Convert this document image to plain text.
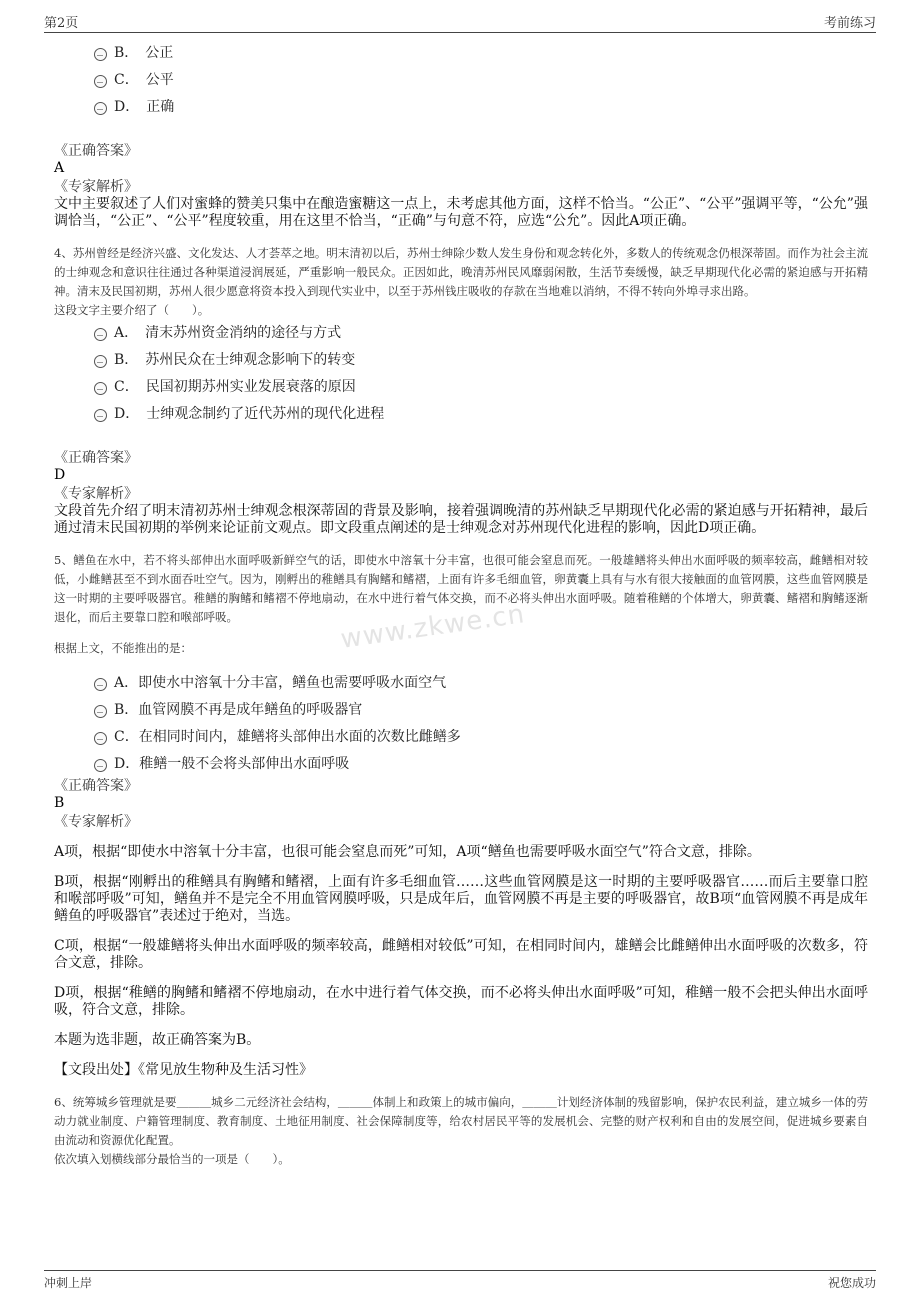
第2页	考前练习
www.zkwe.cn
B．　公正
C．　公平
D．　正确
《正确答案》
A
《专家解析》
文中主要叙述了人们对蜜蜂的赞美只集中在酿造蜜糖这一点上，未考虑其他方面，这样不恰当。“公正”、“公平”强调平等，“公允”强调恰当，“公正”、“公平”程度较重，用在这里不恰当，“正确”与句意不符，应选“公允”。因此A项正确。
4、苏州曾经是经济兴盛、文化发达、人才荟萃之地。明末清初以后，苏州士绅除少数人发生身份和观念转化外，多数人的传统观念仍根深蒂固。而作为社会主流的士绅观念和意识往往通过各种渠道浸润展延，严重影响一般民众。正因如此，晚清苏州民风靡弱闲散，生活节奏缓慢，缺乏早期现代化必需的紧迫感与开拓精神。清末及民国初期，苏州人很少愿意将资本投入到现代实业中，以至于苏州钱庄吸收的存款在当地难以消纳，不得不转向外埠寻求出路。
这段文字主要介绍了（　　）。
A．　清末苏州资金消纳的途径与方式
B．　苏州民众在士绅观念影响下的转变
C．　民国初期苏州实业发展衰落的原因
D．　士绅观念制约了近代苏州的现代化进程
《正确答案》
D
《专家解析》
文段首先介绍了明末清初苏州士绅观念根深蒂固的背景及影响，接着强调晚清的苏州缺乏早期现代化必需的紧迫感与开拓精神，最后通过清末民国初期的举例来论证前文观点。即文段重点阐述的是士绅观念对苏州现代化进程的影响，因此D项正确。
5、鳝鱼在水中，若不将头部伸出水面呼吸新鲜空气的话，即使水中溶氧十分丰富，也很可能会窒息而死。一般雄鳝将头伸出水面呼吸的频率较高，雌鳝相对较低，小雌鳝甚至不到水面吞吐空气。因为，刚孵出的稚鳝具有胸鳍和鳍褶，上面有许多毛细血管，卵黄囊上具有与水有很大接触面的血管网膜，这些血管网膜是这一时期的主要呼吸器官。稚鳝的胸鳍和鳍褶不停地扇动，在水中进行着气体交换，而不必将头伸出水面呼吸。随着稚鳝的个体增大，卵黄囊、鳍褶和胸鳍逐渐退化，而后主要靠口腔和喉部呼吸。
根据上文，不能推出的是：
A．即使水中溶氧十分丰富，鳝鱼也需要呼吸水面空气
B．血管网膜不再是成年鳝鱼的呼吸器官
C．在相同时间内，雄鳝将头部伸出水面的次数比雌鳝多
D．稚鳝一般不会将头部伸出水面呼吸
《正确答案》
B
《专家解析》
A项，根据“即使水中溶氧十分丰富，也很可能会窒息而死”可知，A项“鳝鱼也需要呼吸水面空气”符合文意，排除。
B项，根据“刚孵出的稚鳝具有胸鳍和鳍褶，上面有许多毛细血管……这些血管网膜是这一时期的主要呼吸器官……而后主要靠口腔和喉部呼吸”可知，鳝鱼并不是完全不用血管网膜呼吸，只是成年后，血管网膜不再是主要的呼吸器官，故B项“血管网膜不再是成年鳝鱼的呼吸器官”表述过于绝对，当选。
C项，根据“一般雄鳝将头伸出水面呼吸的频率较高，雌鳝相对较低”可知，在相同时间内，雄鳝会比雌鳝伸出水面呼吸的次数多，符合文意，排除。
D项，根据“稚鳝的胸鳍和鳍褶不停地扇动，在水中进行着气体交换，而不必将头伸出水面呼吸”可知，稚鳝一般不会把头伸出水面呼吸，符合文意，排除。
本题为选非题，故正确答案为B。
【文段出处】《常见放生物种及生活习性》
6、统筹城乡管理就是要＿＿＿城乡二元经济社会结构，＿＿＿体制上和政策上的城市偏向，＿＿＿计划经济体制的残留影响，保护农民利益，建立城乡一体的劳动力就业制度、户籍管理制度、教育制度、土地征用制度、社会保障制度等，给农村居民平等的发展机会、完整的财产权利和自由的发展空间，促进城乡要素自由流动和资源优化配置。
依次填入划横线部分最恰当的一项是（　　）。
冲刺上岸	祝您成功
